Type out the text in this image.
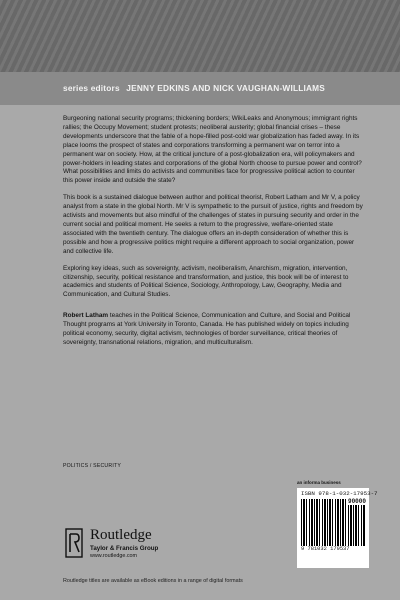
series editors JENNY EDKINS AND NICK VAUGHAN-WILLIAMS

Burgeoning national security programs; thickening borders; WikiLeaks and Anonymous; immigrant rights rallies; the Occupy Movement; student protests; neoliberal austerity; global financial crises – these developments underscore that the fable of a hope-filled post-cold war globalization has faded away. In its place looms the prospect of states and corporations transforming a permanent war on terror into a permanent war on society. How, at the critical juncture of a post-globalization era, will policymakers and power-holders in leading states and corporations of the global North choose to pursue power and control? What possibilities and limits do activists and communities face for progressive political action to counter this power inside and outside the state?

This book is a sustained dialogue between author and political theorist, Robert Latham and Mr V, a policy analyst from a state in the global North. Mr V is sympathetic to the pursuit of justice, rights and freedom by activists and movements but also mindful of the challenges of states in pursuing security and order in the current social and political moment. He seeks a return to the progressive, welfare-oriented state associated with the twentieth century. The dialogue offers an in-depth consideration of whether this is possible and how a progressive politics might require a different approach to social organization, power and collective life.

Exploring key ideas, such as sovereignty, activism, neoliberalism, Anarchism, migration, intervention, citizenship, security, political resistance and transformation, and justice, this book will be of interest to academics and students of Political Science, Sociology, Anthropology, Law, Geography, Media and Communication, and Cultural Studies.

Robert Latham teaches in the Political Science, Communication and Culture, and Social and Political Thought programs at York University in Toronto, Canada. He has published widely on topics including political economy, security, digital activism, technologies of border surveillance, critical theories of sovereignty, transnational relations, migration, and multiculturalism.

POLITICS / SECURITY
an informa business
ISBN 978-1-032-17953-7
90000
9 781032 179537
Routledge
Taylor & Francis Group
www.routledge.com
Routledge titles are available as eBook editions in a range of digital formats
